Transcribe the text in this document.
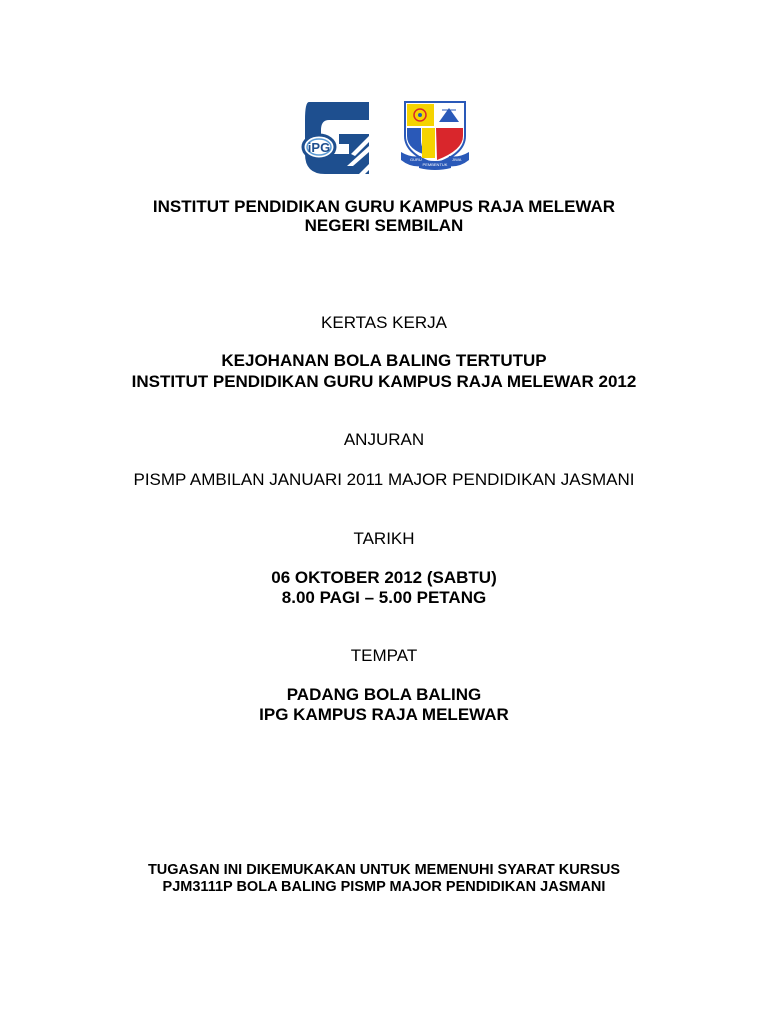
iPG
GURU	JIWA
PEMBENTUK
INSTITUT PENDIDIKAN GURU KAMPUS RAJA MELEWAR
NEGERI SEMBILAN
KERTAS KERJA
KEJOHANAN BOLA BALING TERTUTUP
INSTITUT PENDIDIKAN GURU KAMPUS RAJA MELEWAR 2012
ANJURAN
PISMP AMBILAN JANUARI 2011 MAJOR PENDIDIKAN JASMANI
TARIKH
06 OKTOBER 2012 (SABTU)
8.00 PAGI – 5.00 PETANG
TEMPAT
PADANG BOLA BALING
IPG KAMPUS RAJA MELEWAR
TUGASAN INI DIKEMUKAKAN UNTUK MEMENUHI SYARAT KURSUS
PJM3111P BOLA BALING PISMP MAJOR PENDIDIKAN JASMANI
